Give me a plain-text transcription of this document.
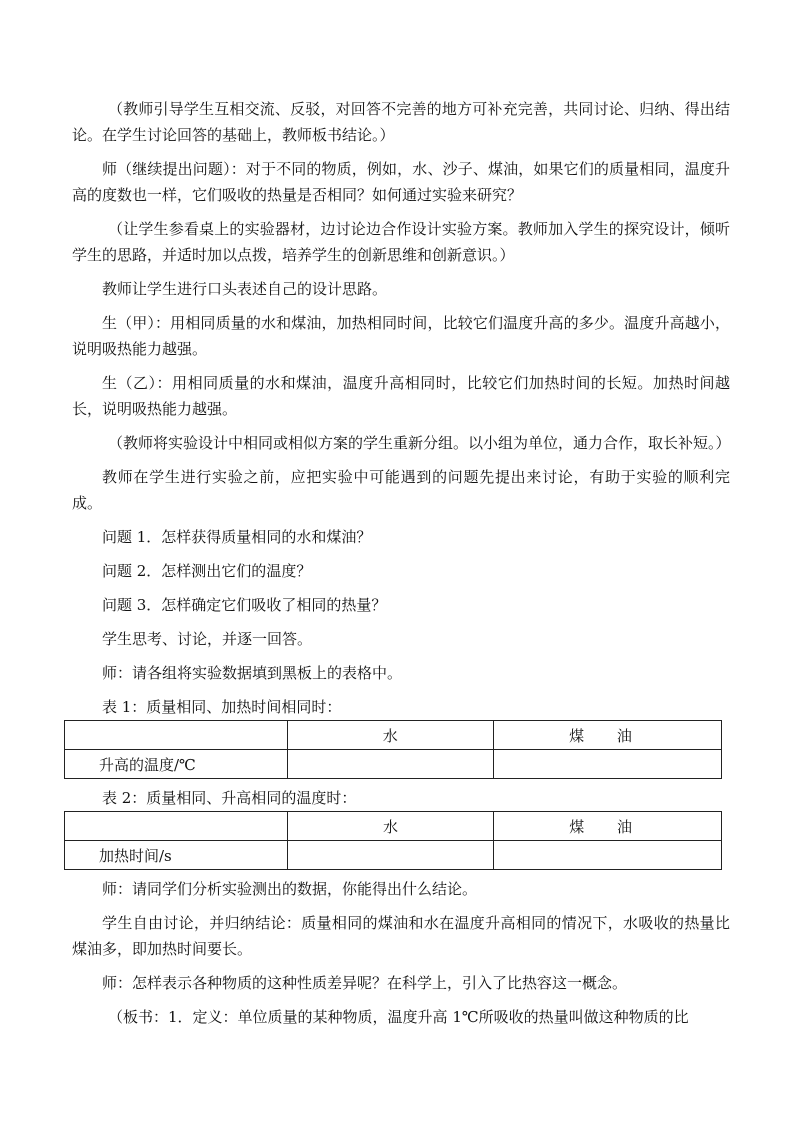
（教师引导学生互相交流、反驳，对回答不完善的地方可补充完善，共同讨论、归纳、得出结论。在学生讨论回答的基础上，教师板书结论。）

师（继续提出问题）：对于不同的物质，例如，水、沙子、煤油，如果它们的质量相同，温度升高的度数也一样，它们吸收的热量是否相同？如何通过实验来研究？

（让学生参看桌上的实验器材，边讨论边合作设计实验方案。教师加入学生的探究设计，倾听学生的思路，并适时加以点拨，培养学生的创新思维和创新意识。）

教师让学生进行口头表述自己的设计思路。

生（甲）：用相同质量的水和煤油，加热相同时间，比较它们温度升高的多少。温度升高越小，说明吸热能力越强。

生（乙）：用相同质量的水和煤油，温度升高相同时，比较它们加热时间的长短。加热时间越长，说明吸热能力越强。

（教师将实验设计中相同或相似方案的学生重新分组。以小组为单位，通力合作，取长补短。）

教师在学生进行实验之前，应把实验中可能遇到的问题先提出来讨论，有助于实验的顺利完成。

问题 1．怎样获得质量相同的水和煤油？

问题 2．怎样测出它们的温度？

问题 3．怎样确定它们吸收了相同的热量？

学生思考、讨论，并逐一回答。

师：请各组将实验数据填到黑板上的表格中。

表 1：质量相同、加热时间相同时：

	水	煤 油
升高的温度/℃		

表 2：质量相同、升高相同的温度时：

	水	煤 油
加热时间/s		

师：请同学们分析实验测出的数据，你能得出什么结论。

学生自由讨论，并归纳结论：质量相同的煤油和水在温度升高相同的情况下，水吸收的热量比煤油多，即加热时间要长。

师：怎样表示各种物质的这种性质差异呢？在科学上，引入了比热容这一概念。

（板书：1．定义：单位质量的某种物质，温度升高 1℃所吸收的热量叫做这种物质的比
